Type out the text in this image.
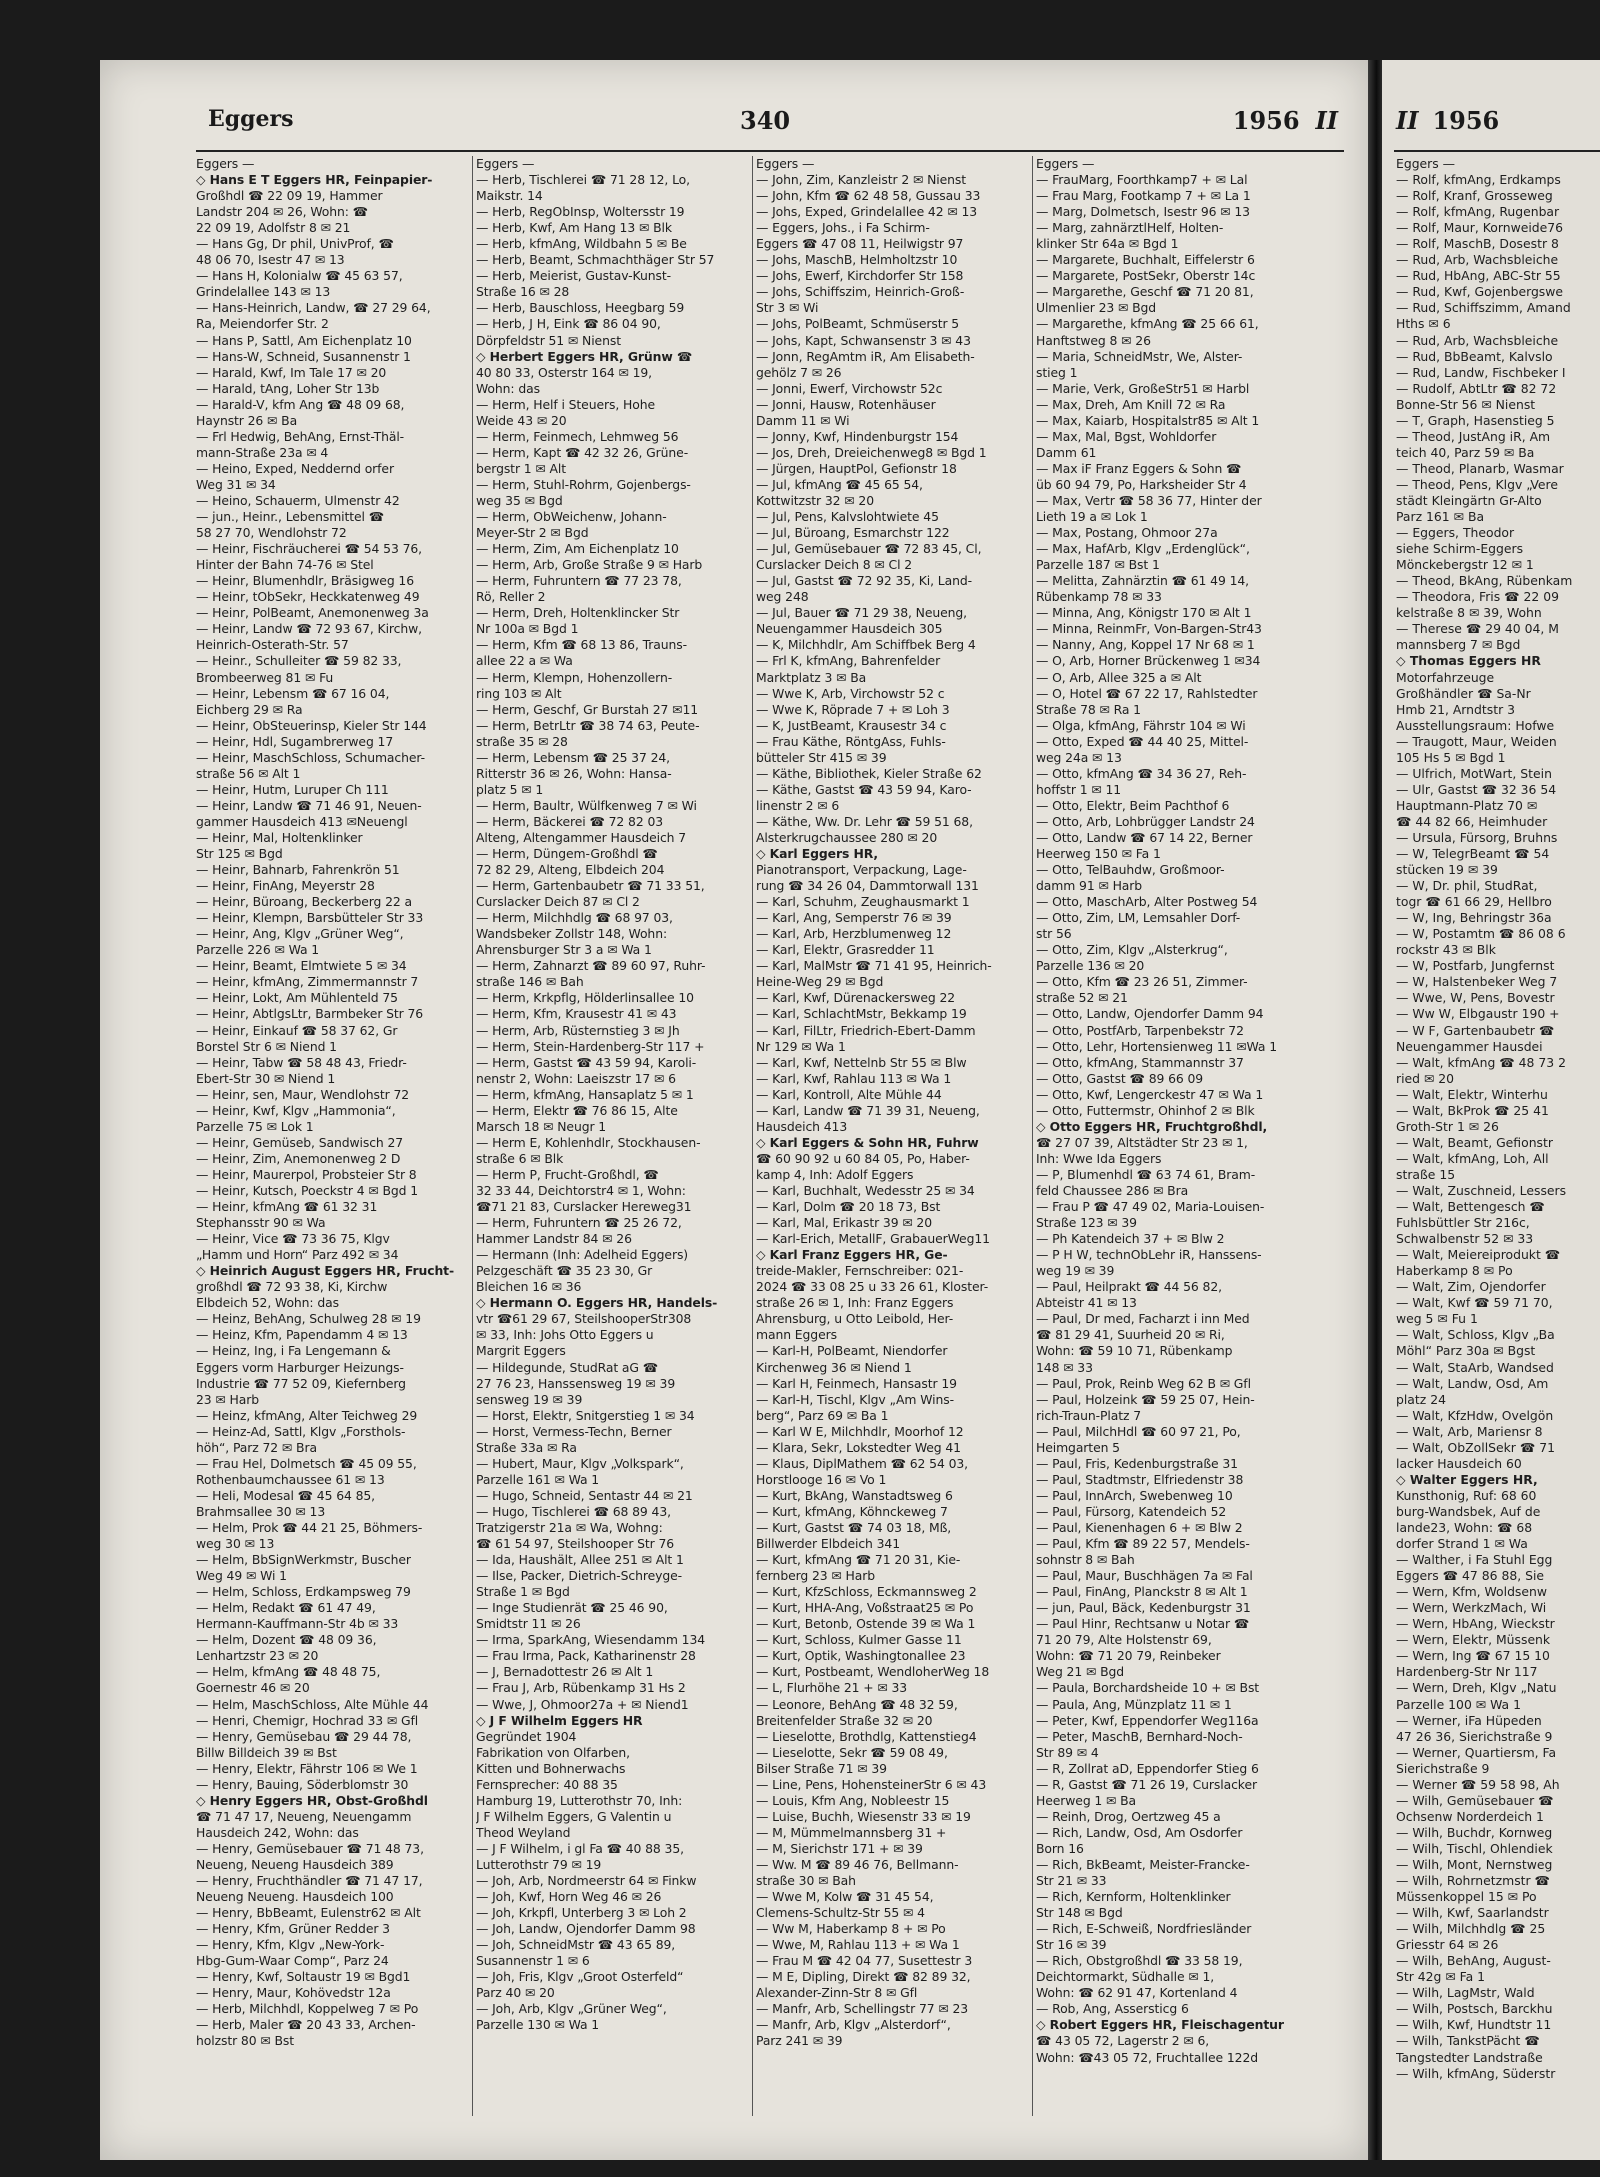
Eggers	340	1956 II
Eggers —
◇ Hans E T Eggers HR, Feinpapier-
Großhdl ☎ 22 09 19, Hammer
Landstr 204 ✉ 26, Wohn: ☎
22 09 19, Adolfstr 8 ✉ 21
— Hans Gg, Dr phil, UnivProf, ☎
48 06 70, Isestr 47 ✉ 13
— Hans H, Kolonialw ☎ 45 63 57,
Grindelallee 143 ✉ 13
— Hans-Heinrich, Landw, ☎ 27 29 64,
Ra, Meiendorfer Str. 2
— Hans P, Sattl, Am Eichenplatz 10
— Hans-W, Schneid, Susannenstr 1
— Harald, Kwf, Im Tale 17 ✉ 20
— Harald, tAng, Loher Str 13b
— Harald-V, kfm Ang ☎ 48 09 68,
Haynstr 26 ✉ Ba
— Frl Hedwig, BehAng, Ernst-Thäl-
mann-Straße 23a ✉ 4
— Heino, Exped, Neddernd orfer
Weg 31 ✉ 34
— Heino, Schauerm, Ulmenstr 42
— jun., Heinr., Lebensmittel ☎
58 27 70, Wendlohstr 72
— Heinr, Fischräucherei ☎ 54 53 76,
Hinter der Bahn 74-76 ✉ Stel
— Heinr, Blumenhdlr, Bräsigweg 16
— Heinr, tObSekr, Heckkatenweg 49
— Heinr, PolBeamt, Anemonenweg 3a
— Heinr, Landw ☎ 72 93 67, Kirchw,
Heinrich-Osterath-Str. 57
— Heinr., Schulleiter ☎ 59 82 33,
Brombeerweg 81 ✉ Fu
— Heinr, Lebensm ☎ 67 16 04,
Eichberg 29 ✉ Ra
— Heinr, ObSteuerinsp, Kieler Str 144
— Heinr, Hdl, Sugambrerweg 17
— Heinr, MaschSchloss, Schumacher-
straße 56 ✉ Alt 1
— Heinr, Hutm, Luruper Ch 111
— Heinr, Landw ☎ 71 46 91, Neuen-
gammer Hausdeich 413 ✉Neuengl
— Heinr, Mal, Holtenklinker
Str 125 ✉ Bgd
— Heinr, Bahnarb, Fahrenkrön 51
— Heinr, FinAng, Meyerstr 28
— Heinr, Büroang, Beckerberg 22 a
— Heinr, Klempn, Barsbütteler Str 33
— Heinr, Ang, Klgv „Grüner Weg“,
Parzelle 226 ✉ Wa 1
— Heinr, Beamt, Elmtwiete 5 ✉ 34
— Heinr, kfmAng, Zimmermannstr 7
— Heinr, Lokt, Am Mühlenteld 75
— Heinr, AbtlgsLtr, Barmbeker Str 76
— Heinr, Einkauf ☎ 58 37 62, Gr
Borstel Str 6 ✉ Niend 1
— Heinr, Tabw ☎ 58 48 43, Friedr-
Ebert-Str 30 ✉ Niend 1
— Heinr, sen, Maur, Wendlohstr 72
— Heinr, Kwf, Klgv „Hammonia“,
Parzelle 75 ✉ Lok 1
— Heinr, Gemüseb, Sandwisch 27
— Heinr, Zim, Anemonenweg 2 D
— Heinr, Maurerpol, Probsteier Str 8
— Heinr, Kutsch, Poeckstr 4 ✉ Bgd 1
— Heinr, kfmAng ☎ 61 32 31
Stephansstr 90 ✉ Wa
— Heinr, Vice ☎ 73 36 75, Klgv
„Hamm und Horn“ Parz 492 ✉ 34
◇ Heinrich August Eggers HR, Frucht-
großhdl ☎ 72 93 38, Ki, Kirchw
Elbdeich 52, Wohn: das
— Heinz, BehAng, Schulweg 28 ✉ 19
— Heinz, Kfm, Papendamm 4 ✉ 13
— Heinz, Ing, i Fa Lengemann &
Eggers vorm Harburger Heizungs-
Industrie ☎ 77 52 09, Kiefernberg
23 ✉ Harb
— Heinz, kfmAng, Alter Teichweg 29
— Heinz-Ad, Sattl, Klgv „Forsthols-
höh“, Parz 72 ✉ Bra
— Frau Hel, Dolmetsch ☎ 45 09 55,
Rothenbaumchaussee 61 ✉ 13
— Heli, Modesal ☎ 45 64 85,
Brahmsallee 30 ✉ 13
— Helm, Prok ☎ 44 21 25, Böhmers-
weg 30 ✉ 13
— Helm, BbSignWerkmstr, Buscher
Weg 49 ✉ Wi 1
— Helm, Schloss, Erdkampsweg 79
— Helm, Redakt ☎ 61 47 49,
Hermann-Kauffmann-Str 4b ✉ 33
— Helm, Dozent ☎ 48 09 36,
Lenhartzstr 23 ✉ 20
— Helm, kfmAng ☎ 48 48 75,
Goernestr 46 ✉ 20
— Helm, MaschSchloss, Alte Mühle 44
— Henri, Chemigr, Hochrad 33 ✉ Gfl
— Henry, Gemüsebau ☎ 29 44 78,
Billw Billdeich 39 ✉ Bst
— Henry, Elektr, Fährstr 106 ✉ We 1
— Henry, Bauing, Söderblomstr 30
◇ Henry Eggers HR, Obst-Großhdl
☎ 71 47 17, Neueng, Neuengamm
Hausdeich 242, Wohn: das
— Henry, Gemüsebauer ☎ 71 48 73,
Neueng, Neueng Hausdeich 389
— Henry, Fruchthändler ☎ 71 47 17,
Neueng Neueng. Hausdeich 100
— Henry, BbBeamt, Eulenstr62 ✉ Alt
— Henry, Kfm, Grüner Redder 3
— Henry, Kfm, Klgv „New-York-
Hbg-Gum-Waar Comp“, Parz 24
— Henry, Kwf, Soltaustr 19 ✉ Bgd1
— Henry, Maur, Kohövedstr 12a
— Herb, Milchhdl, Koppelweg 7 ✉ Po
— Herb, Maler ☎ 20 43 33, Archen-
holzstr 80 ✉ Bst
Eggers —
— Herb, Tischlerei ☎ 71 28 12, Lo,
Maikstr. 14
— Herb, RegObInsp, Woltersstr 19
— Herb, Kwf, Am Hang 13 ✉ Blk
— Herb, kfmAng, Wildbahn 5 ✉ Be
— Herb, Beamt, Schmachthäger Str 57
— Herb, Meierist, Gustav-Kunst-
Straße 16 ✉ 28
— Herb, Bauschloss, Heegbarg 59
— Herb, J H, Eink ☎ 86 04 90,
Dörpfeldstr 51 ✉ Nienst
◇ Herbert Eggers HR, Grünw ☎
40 80 33, Osterstr 164 ✉ 19,
Wohn: das
— Herm, Helf i Steuers, Hohe
Weide 43 ✉ 20
— Herm, Feinmech, Lehmweg 56
— Herm, Kapt ☎ 42 32 26, Grüne-
bergstr 1 ✉ Alt
— Herm, Stuhl-Rohrm, Gojenbergs-
weg 35 ✉ Bgd
— Herm, ObWeichenw, Johann-
Meyer-Str 2 ✉ Bgd
— Herm, Zim, Am Eichenplatz 10
— Herm, Arb, Große Straße 9 ✉ Harb
— Herm, Fuhruntern ☎ 77 23 78,
Rö, Reller 2
— Herm, Dreh, Holtenklincker Str
Nr 100a ✉ Bgd 1
— Herm, Kfm ☎ 68 13 86, Trauns-
allee 22 a ✉ Wa
— Herm, Klempn, Hohenzollern-
ring 103 ✉ Alt
— Herm, Geschf, Gr Burstah 27 ✉11
— Herm, BetrLtr ☎ 38 74 63, Peute-
straße 35 ✉ 28
— Herm, Lebensm ☎ 25 37 24,
Ritterstr 36 ✉ 26, Wohn: Hansa-
platz 5 ✉ 1
— Herm, Baultr, Wülfkenweg 7 ✉ Wi
— Herm, Bäckerei ☎ 72 82 03
Alteng, Altengammer Hausdeich 7
— Herm, Düngem-Großhdl ☎
72 82 29, Alteng, Elbdeich 204
— Herm, Gartenbaubetr ☎ 71 33 51,
Curslacker Deich 87 ✉ Cl 2
— Herm, Milchhdlg ☎ 68 97 03,
Wandsbeker Zollstr 148, Wohn:
Ahrensburger Str 3 a ✉ Wa 1
— Herm, Zahnarzt ☎ 89 60 97, Ruhr-
straße 146 ✉ Bah
— Herm, Krkpflg, Hölderlinsallee 10
— Herm, Kfm, Krausestr 41 ✉ 43
— Herm, Arb, Rüsternstieg 3 ✉ Jh
— Herm, Stein-Hardenberg-Str 117 +
— Herm, Gastst ☎ 43 59 94, Karoli-
nenstr 2, Wohn: Laeiszstr 17 ✉ 6
— Herm, kfmAng, Hansaplatz 5 ✉ 1
— Herm, Elektr ☎ 76 86 15, Alte
Marsch 18 ✉ Neugr 1
— Herm E, Kohlenhdlr, Stockhausen-
straße 6 ✉ Blk
— Herm P, Frucht-Großhdl, ☎
32 33 44, Deichtorstr4 ✉ 1, Wohn:
☎71 21 83, Curslacker Hereweg31
— Herm, Fuhruntern ☎ 25 26 72,
Hammer Landstr 84 ✉ 26
— Hermann (Inh: Adelheid Eggers)
Pelzgeschäft ☎ 35 23 30, Gr
Bleichen 16 ✉ 36
◇ Hermann O. Eggers HR, Handels-
vtr ☎61 29 67, SteilshooperStr308
✉ 33, Inh: Johs Otto Eggers u
Margrit Eggers
— Hildegunde, StudRat aG ☎
27 76 23, Hanssensweg 19 ✉ 39
sensweg 19 ✉ 39
— Horst, Elektr, Snitgerstieg 1 ✉ 34
— Horst, Vermess-Techn, Berner
Straße 33a ✉ Ra
— Hubert, Maur, Klgv „Volkspark“,
Parzelle 161 ✉ Wa 1
— Hugo, Schneid, Sentastr 44 ✉ 21
— Hugo, Tischlerei ☎ 68 89 43,
Tratzigerstr 21a ✉ Wa, Wohng:
☎ 61 54 97, Steilshooper Str 76
— Ida, Haushält, Allee 251 ✉ Alt 1
— Ilse, Packer, Dietrich-Schreyge-
Straße 1 ✉ Bgd
— Inge Studienrät ☎ 25 46 90,
Smidtstr 11 ✉ 26
— Irma, SparkAng, Wiesendamm 134
— Frau Irma, Pack, Katharinenstr 28
— J, Bernadottestr 26 ✉ Alt 1
— Frau J, Arb, Rübenkamp 31 Hs 2
— Wwe, J, Ohmoor27a + ✉ Niend1
◇ J F Wilhelm Eggers HR
Gegründet 1904
Fabrikation von Olfarben,
Kitten und Bohnerwachs
Fernsprecher: 40 88 35
Hamburg 19, Lutterothstr 70, Inh:
J F Wilhelm Eggers, G Valentin u
Theod Weyland
— J F Wilhelm, i gl Fa ☎ 40 88 35,
Lutterothstr 79 ✉ 19
— Joh, Arb, Nordmeerstr 64 ✉ Finkw
— Joh, Kwf, Horn Weg 46 ✉ 26
— Joh, Krkpfl, Unterberg 3 ✉ Loh 2
— Joh, Landw, Ojendorfer Damm 98
— Joh, SchneidMstr ☎ 43 65 89,
Susannenstr 1 ✉ 6
— Joh, Fris, Klgv „Groot Osterfeld“
Parz 40 ✉ 20
— Joh, Arb, Klgv „Grüner Weg“,
Parzelle 130 ✉ Wa 1
Eggers —
— John, Zim, Kanzleistr 2 ✉ Nienst
— John, Kfm ☎ 62 48 58, Gussau 33
— Johs, Exped, Grindelallee 42 ✉ 13
— Eggers, Johs., i Fa Schirm-
Eggers ☎ 47 08 11, Heilwigstr 97
— Johs, MaschB, Helmholtzstr 10
— Johs, Ewerf, Kirchdorfer Str 158
— Johs, Schiffszim, Heinrich-Groß-
Str 3 ✉ Wi
— Johs, PolBeamt, Schmüserstr 5
— Johs, Kapt, Schwansenstr 3 ✉ 43
— Jonn, RegAmtm iR, Am Elisabeth-
gehölz 7 ✉ 26
— Jonni, Ewerf, Virchowstr 52c
— Jonni, Hausw, Rotenhäuser
Damm 11 ✉ Wi
— Jonny, Kwf, Hindenburgstr 154
— Jos, Dreh, Dreieichenweg8 ✉ Bgd 1
— Jürgen, HauptPol, Gefionstr 18
— Jul, kfmAng ☎ 45 65 54,
Kottwitzstr 32 ✉ 20
— Jul, Pens, Kalvslohtwiete 45
— Jul, Büroang, Esmarchstr 122
— Jul, Gemüsebauer ☎ 72 83 45, Cl,
Curslacker Deich 8 ✉ Cl 2
— Jul, Gastst ☎ 72 92 35, Ki, Land-
weg 248
— Jul, Bauer ☎ 71 29 38, Neueng,
Neuengammer Hausdeich 305
— K, Milchhdlr, Am Schiffbek Berg 4
— Frl K, kfmAng, Bahrenfelder
Marktplatz 3 ✉ Ba
— Wwe K, Arb, Virchowstr 52 c
— Wwe K, Röprade 7 + ✉ Loh 3
— K, JustBeamt, Krausestr 34 c
— Frau Käthe, RöntgAss, Fuhls-
bütteler Str 415 ✉ 39
— Käthe, Bibliothek, Kieler Straße 62
— Käthe, Gastst ☎ 43 59 94, Karo-
linenstr 2 ✉ 6
— Käthe, Ww. Dr. Lehr ☎ 59 51 68,
Alsterkrugchaussee 280 ✉ 20
◇ Karl Eggers HR,
Pianotransport, Verpackung, Lage-
rung ☎ 34 26 04, Dammtorwall 131
— Karl, Schuhm, Zeughausmarkt 1
— Karl, Ang, Semperstr 76 ✉ 39
— Karl, Arb, Herzblumenweg 12
— Karl, Elektr, Grasredder 11
— Karl, MalMstr ☎ 71 41 95, Heinrich-
Heine-Weg 29 ✉ Bgd
— Karl, Kwf, Dürenackersweg 22
— Karl, SchlachtMstr, Bekkamp 19
— Karl, FilLtr, Friedrich-Ebert-Damm
Nr 129 ✉ Wa 1
— Karl, Kwf, Nettelnb Str 55 ✉ Blw
— Karl, Kwf, Rahlau 113 ✉ Wa 1
— Karl, Kontroll, Alte Mühle 44
— Karl, Landw ☎ 71 39 31, Neueng,
Hausdeich 413
◇ Karl Eggers & Sohn HR, Fuhrw
☎ 60 90 92 u 60 84 05, Po, Haber-
kamp 4, Inh: Adolf Eggers
— Karl, Buchhalt, Wedesstr 25 ✉ 34
— Karl, Dolm ☎ 20 18 73, Bst
— Karl, Mal, Erikastr 39 ✉ 20
— Karl-Erich, MetallF, GrabauerWeg11
◇ Karl Franz Eggers HR, Ge-
treide-Makler, Fernschreiber: 021-
2024 ☎ 33 08 25 u 33 26 61, Kloster-
straße 26 ✉ 1, Inh: Franz Eggers
Ahrensburg, u Otto Leibold, Her-
mann Eggers
— Karl-H, PolBeamt, Niendorfer
Kirchenweg 36 ✉ Niend 1
— Karl H, Feinmech, Hansastr 19
— Karl-H, Tischl, Klgv „Am Wins-
berg“, Parz 69 ✉ Ba 1
— Karl W E, Milchhdlr, Moorhof 12
— Klara, Sekr, Lokstedter Weg 41
— Klaus, DiplMathem ☎ 62 54 03,
Horstlooge 16 ✉ Vo 1
— Kurt, BkAng, Wanstadtsweg 6
— Kurt, kfmAng, Köhnckeweg 7
— Kurt, Gastst ☎ 74 03 18, Mß,
Billwerder Elbdeich 341
— Kurt, kfmAng ☎ 71 20 31, Kie-
fernberg 23 ✉ Harb
— Kurt, KfzSchloss, Eckmannsweg 2
— Kurt, HHA-Ang, Voßstraat25 ✉ Po
— Kurt, Betonb, Ostende 39 ✉ Wa 1
— Kurt, Schloss, Kulmer Gasse 11
— Kurt, Optik, Washingtonallee 23
— Kurt, Postbeamt, WendloherWeg 18
— L, Flurhöhe 21 + ✉ 33
— Leonore, BehAng ☎ 48 32 59,
Breitenfelder Straße 32 ✉ 20
— Lieselotte, Brothdlg, Kattenstieg4
— Lieselotte, Sekr ☎ 59 08 49,
Bilser Straße 71 ✉ 39
— Line, Pens, HohensteinerStr 6 ✉ 43
— Louis, Kfm Ang, Nobleestr 15
— Luise, Buchh, Wiesenstr 33 ✉ 19
— M, Mümmelmannsberg 31 +
— M, Sierichstr 171 + ✉ 39
— Ww. M ☎ 89 46 76, Bellmann-
straße 30 ✉ Bah
— Wwe M, Kolw ☎ 31 45 54,
Clemens-Schultz-Str 55 ✉ 4
— Ww M, Haberkamp 8 + ✉ Po
— Wwe, M, Rahlau 113 + ✉ Wa 1
— Frau M ☎ 42 04 77, Susettestr 3
— M E, Dipling, Direkt ☎ 82 89 32,
Alexander-Zinn-Str 8 ✉ Gfl
— Manfr, Arb, Schellingstr 77 ✉ 23
— Manfr, Arb, Klgv „Alsterdorf“,
Parz 241 ✉ 39
Eggers —
— FrauMarg, Foorthkamp7 + ✉ Lal
— Frau Marg, Footkamp 7 + ✉ La 1
— Marg, Dolmetsch, Isestr 96 ✉ 13
— Marg, zahnärztlHelf, Holten-
klinker Str 64a ✉ Bgd 1
— Margarete, Buchhalt, Eiffelerstr 6
— Margarete, PostSekr, Oberstr 14c
— Margarethe, Geschf ☎ 71 20 81,
Ulmenlier 23 ✉ Bgd
— Margarethe, kfmAng ☎ 25 66 61,
Hanftstweg 8 ✉ 26
— Maria, SchneidMstr, We, Alster-
stieg 1
— Marie, Verk, GroßeStr51 ✉ Harbl
— Max, Dreh, Am Knill 72 ✉ Ra
— Max, Kaiarb, Hospitalstr85 ✉ Alt 1
— Max, Mal, Bgst, Wohldorfer
Damm 61
— Max iF Franz Eggers & Sohn ☎
üb 60 94 79, Po, Harksheider Str 4
— Max, Vertr ☎ 58 36 77, Hinter der
Lieth 19 a ✉ Lok 1
— Max, Postang, Ohmoor 27a
— Max, HafArb, Klgv „Erdenglück“,
Parzelle 187 ✉ Bst 1
— Melitta, Zahnärztin ☎ 61 49 14,
Rübenkamp 78 ✉ 33
— Minna, Ang, Königstr 170 ✉ Alt 1
— Minna, ReinmFr, Von-Bargen-Str43
— Nanny, Ang, Koppel 17 Nr 68 ✉ 1
— O, Arb, Horner Brückenweg 1 ✉34
— O, Arb, Allee 325 a ✉ Alt
— O, Hotel ☎ 67 22 17, Rahlstedter
Straße 78 ✉ Ra 1
— Olga, kfmAng, Fährstr 104 ✉ Wi
— Otto, Exped ☎ 44 40 25, Mittel-
weg 24a ✉ 13
— Otto, kfmAng ☎ 34 36 27, Reh-
hoffstr 1 ✉ 11
— Otto, Elektr, Beim Pachthof 6
— Otto, Arb, Lohbrügger Landstr 24
— Otto, Landw ☎ 67 14 22, Berner
Heerweg 150 ✉ Fa 1
— Otto, TelBauhdw, Großmoor-
damm 91 ✉ Harb
— Otto, MaschArb, Alter Postweg 54
— Otto, Zim, LM, Lemsahler Dorf-
str 56
— Otto, Zim, Klgv „Alsterkrug“,
Parzelle 136 ✉ 20
— Otto, Kfm ☎ 23 26 51, Zimmer-
straße 52 ✉ 21
— Otto, Landw, Ojendorfer Damm 94
— Otto, PostfArb, Tarpenbekstr 72
— Otto, Lehr, Hortensienweg 11 ✉Wa 1
— Otto, kfmAng, Stammannstr 37
— Otto, Gastst ☎ 89 66 09
— Otto, Kwf, Lengerckestr 47 ✉ Wa 1
— Otto, Futtermstr, Ohinhof 2 ✉ Blk
◇ Otto Eggers HR, Fruchtgroßhdl,
☎ 27 07 39, Altstädter Str 23 ✉ 1,
Inh: Wwe Ida Eggers
— P, Blumenhdl ☎ 63 74 61, Bram-
feld Chaussee 286 ✉ Bra
— Frau P ☎ 47 49 02, Maria-Louisen-
Straße 123 ✉ 39
— Ph Katendeich 37 + ✉ Blw 2
— P H W, technObLehr iR, Hanssens-
weg 19 ✉ 39
— Paul, Heilprakt ☎ 44 56 82,
Abteistr 41 ✉ 13
— Paul, Dr med, Facharzt i inn Med
☎ 81 29 41, Suurheid 20 ✉ Ri,
Wohn: ☎ 59 10 71, Rübenkamp
148 ✉ 33
— Paul, Prok, Reinb Weg 62 B ✉ Gfl
— Paul, Holzeink ☎ 59 25 07, Hein-
rich-Traun-Platz 7
— Paul, MilchHdl ☎ 60 97 21, Po,
Heimgarten 5
— Paul, Fris, Kedenburgstraße 31
— Paul, Stadtmstr, Elfriedenstr 38
— Paul, InnArch, Swebenweg 10
— Paul, Fürsorg, Katendeich 52
— Paul, Kienenhagen 6 + ✉ Blw 2
— Paul, Kfm ☎ 89 22 57, Mendels-
sohnstr 8 ✉ Bah
— Paul, Maur, Buschhägen 7a ✉ Fal
— Paul, FinAng, Planckstr 8 ✉ Alt 1
— jun, Paul, Bäck, Kedenburgstr 31
— Paul Hinr, Rechtsanw u Notar ☎
71 20 79, Alte Holstenstr 69,
Wohn: ☎ 71 20 79, Reinbeker
Weg 21 ✉ Bgd
— Paula, Borchardsheide 10 + ✉ Bst
— Paula, Ang, Münzplatz 11 ✉ 1
— Peter, Kwf, Eppendorfer Weg116a
— Peter, MaschB, Bernhard-Noch-
Str 89 ✉ 4
— R, Zollrat aD, Eppendorfer Stieg 6
— R, Gastst ☎ 71 26 19, Curslacker
Heerweg 1 ✉ Ba
— Reinh, Drog, Oertzweg 45 a
— Rich, Landw, Osd, Am Osdorfer
Born 16
— Rich, BkBeamt, Meister-Francke-
Str 21 ✉ 33
— Rich, Kernform, Holtenklinker
Str 148 ✉ Bgd
— Rich, E-Schweiß, Nordfriesländer
Str 16 ✉ 39
— Rich, Obstgroßhdl ☎ 33 58 19,
Deichtormarkt, Südhalle ✉ 1,
Wohn: ☎ 62 91 47, Kortenland 4
— Rob, Ang, Assersticg 6
◇ Robert Eggers HR, Fleischagentur
☎ 43 05 72, Lagerstr 2 ✉ 6,
Wohn: ☎43 05 72, Fruchtallee 122d
II 1956
Eggers —
— Rolf, kfmAng, Erdkamps
— Rolf, Kranf, Grosseweg
— Rolf, kfmAng, Rugenbar
— Rolf, Maur, Kornweide76
— Rolf, MaschB, Dosestr 8
— Rud, Arb, Wachsbleiche
— Rud, HbAng, ABC-Str 55
— Rud, Kwf, Gojenbergswe
— Rud, Schiffszimm, Amand
Hths ✉ 6
— Rud, Arb, Wachsbleiche
— Rud, BbBeamt, Kalvslo
— Rud, Landw, Fischbeker I
— Rudolf, AbtLtr ☎ 82 72
Bonne-Str 56 ✉ Nienst
— T, Graph, Hasenstieg 5
— Theod, JustAng iR, Am
teich 40, Parz 59 ✉ Ba
— Theod, Planarb, Wasmar
— Theod, Pens, Klgv „Vere
städt Kleingärtn Gr-Alto
Parz 161 ✉ Ba
— Eggers, Theodor
siehe Schirm-Eggers
Mönckebergstr 12 ✉ 1
— Theod, BkAng, Rübenkam
— Theodora, Fris ☎ 22 09
kelstraße 8 ✉ 39, Wohn
— Therese ☎ 29 40 04, M
mannsberg 7 ✉ Bgd
◇ Thomas Eggers HR
Motorfahrzeuge
Großhändler ☎ Sa-Nr
Hmb 21, Arndtstr 3
Ausstellungsraum: Hofwe
— Traugott, Maur, Weiden
105 Hs 5 ✉ Bgd 1
— Ulfrich, MotWart, Stein
— Ulr, Gastst ☎ 32 36 54
Hauptmann-Platz 70 ✉
☎ 44 82 66, Heimhuder
— Ursula, Fürsorg, Bruhns
— W, TelegrBeamt ☎ 54
stücken 19 ✉ 39
— W, Dr. phil, StudRat,
togr ☎ 61 66 29, Hellbro
— W, Ing, Behringstr 36a
— W, Postamtm ☎ 86 08 6
rockstr 43 ✉ Blk
— W, Postfarb, Jungfernst
— W, Halstenbeker Weg 7
— Wwe, W, Pens, Bovestr
— Ww W, Elbgaustr 190 +
— W F, Gartenbaubetr ☎
Neuengammer Hausdei
— Walt, kfmAng ☎ 48 73 2
ried ✉ 20
— Walt, Elektr, Winterhu
— Walt, BkProk ☎ 25 41
Groth-Str 1 ✉ 26
— Walt, Beamt, Gefionstr
— Walt, kfmAng, Loh, All
straße 15
— Walt, Zuschneid, Lessers
— Walt, Bettengesch ☎
Fuhlsbüttler Str 216c,
Schwalbenstr 52 ✉ 33
— Walt, Meiereiprodukt ☎
Haberkamp 8 ✉ Po
— Walt, Zim, Ojendorfer
— Walt, Kwf ☎ 59 71 70,
weg 5 ✉ Fu 1
— Walt, Schloss, Klgv „Ba
Möhl“ Parz 30a ✉ Bgst
— Walt, StaArb, Wandsed
— Walt, Landw, Osd, Am
platz 24
— Walt, KfzHdw, Ovelgön
— Walt, Arb, Mariensr 8
— Walt, ObZollSekr ☎ 71
lacker Hausdeich 60
◇ Walter Eggers HR,
Kunsthonig, Ruf: 68 60
burg-Wandsbek, Auf de
lande23, Wohn: ☎ 68
dorfer Strand 1 ✉ Wa
— Walther, i Fa Stuhl Egg
Eggers ☎ 47 86 88, Sie
— Wern, Kfm, Woldsenw
— Wern, WerkzMach, Wi
— Wern, HbAng, Wieckstr
— Wern, Elektr, Müssenk
— Wern, Ing ☎ 67 15 10
Hardenberg-Str Nr 117
— Wern, Dreh, Klgv „Natu
Parzelle 100 ✉ Wa 1
— Werner, iFa Hüpeden
47 26 36, Sierichstraße 9
— Werner, Quartiersm, Fa
Sierichstraße 9
— Werner ☎ 59 58 98, Ah
— Wilh, Gemüsebauer ☎
Ochsenw Norderdeich 1
— Wilh, Buchdr, Kornweg
— Wilh, Tischl, Ohlendiek
— Wilh, Mont, Nernstweg
— Wilh, Rohrnetzmstr ☎
Müssenkoppel 15 ✉ Po
— Wilh, Kwf, Saarlandstr
— Wilh, Milchhdlg ☎ 25
Griesstr 64 ✉ 26
— Wilh, BehAng, August-
Str 42g ✉ Fa 1
— Wilh, LagMstr, Wald
— Wilh, Postsch, Barckhu
— Wilh, Kwf, Hundtstr 11
— Wilh, TankstPächt ☎
Tangstedter Landstraße
— Wilh, kfmAng, Süderstr
